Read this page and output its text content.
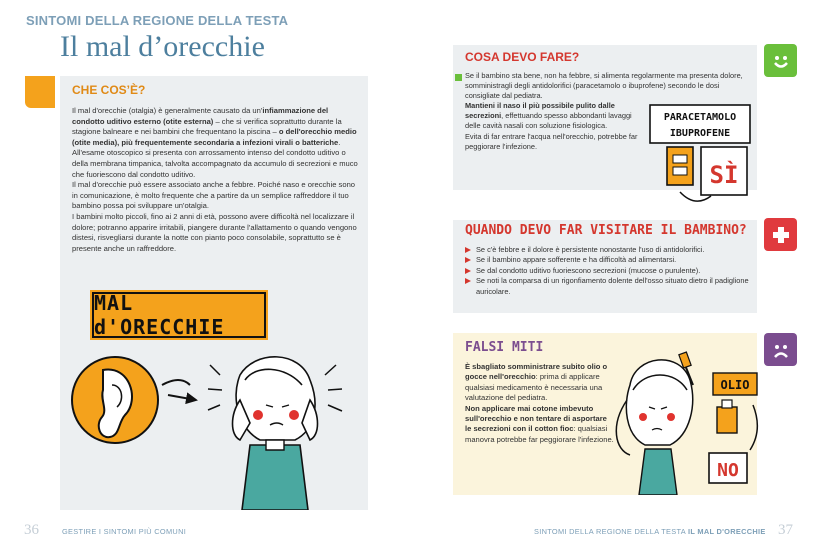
SINTOMI DELLA REGIONE DELLA TESTA
Il mal d’orecchie
CHE COS’È?

Il mal d'orecchie (otalgia) è generalmente causato da un'infiammazione del condotto uditivo esterno (otite esterna) – che si verifica soprattutto durante la stagione balneare e nei bambini che frequentano la piscina – o dell'orecchio medio (otite media), più frequentemente secondaria a infezioni virali o batteriche. All'esame otoscopico si presenta con arrossamento intenso del condotto uditivo o della membrana timpanica, talvolta accompagnato da accumulo di secrezioni e muco che fuoriescono dal condotto uditivo.

Il mal d'orecchie può essere associato anche a febbre. Poiché naso e orecchie sono in comunicazione, è molto frequente che a partire da un semplice raffreddore il tuo bambino possa poi sviluppare un'otalgia.

I bambini molto piccoli, fino ai 2 anni di età, possono avere difficoltà nel localizzare il dolore; potranno apparire irritabili, piangere durante l'allattamento o quando vengono distesi, risvegliarsi durante la notte con pianto poco consolabile, soprattutto se è presente anche un raffreddore.

MAL d'ORECCHIE
COSA DEVO FARE?

Se il bambino sta bene, non ha febbre, si alimenta regolarmente ma presenta dolore, somministragli degli antidolorifici (paracetamolo o ibuprofene) secondo le dosi consigliate dal pediatra.

Mantieni il naso il più possibile pulito dalle secrezioni, effettuando spesso abbondanti lavaggi delle cavità nasali con soluzione fisiologica.

Evita di far entrare l'acqua nell'orecchio, potrebbe far peggiorare l'infezione.

PARACETAMOLO
IBUPROFENE
SÌ
QUANDO DEVO FAR VISITARE IL BAMBINO?
Se c'è febbre e il dolore è persistente nonostante l'uso di antidolorifici.
Se il bambino appare sofferente e ha difficoltà ad alimentarsi.
Se dal condotto uditivo fuoriescono secrezioni (mucose o purulente).
Se noti la comparsa di un rigonfiamento dolente dell'osso situato dietro il padiglione auricolare.
FALSI MITI

È sbagliato somministrare subito olio o gocce nell'orecchio: prima di applicare qualsiasi medicamento è necessaria una valutazione del pediatra.

Non applicare mai cotone imbevuto sull'orecchio e non tentare di asportare le secrezioni con il cotton fioc: qualsiasi manovra potrebbe far peggiorare l'infezione.

OLIO
NO
36	GESTIRE I SINTOMI PIÙ COMUNI	SINTOMI DELLA REGIONE DELLA TESTA IL MAL D'ORECCHIE 37
